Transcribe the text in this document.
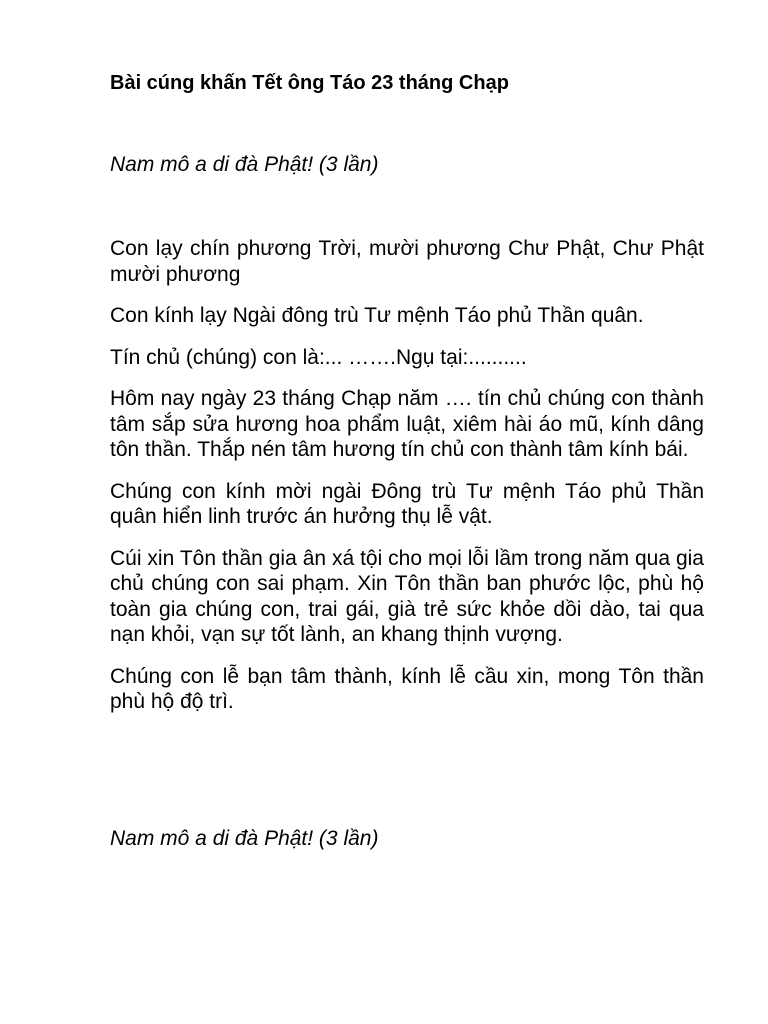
Bài cúng khấn Tết ông Táo 23 tháng Chạp

Nam mô a di đà Phật! (3 lần)

Con lạy chín phương Trời, mười phương Chư Phật, Chư Phật mười phương

Con kính lạy Ngài đông trù Tư mệnh Táo phủ Thần quân.

Tín chủ (chúng) con là:... …….Ngụ tại:..........

Hôm nay ngày 23 tháng Chạp năm …. tín chủ chúng con thành tâm sắp sửa hương hoa phẩm luật, xiêm hài áo mũ, kính dâng tôn thần. Thắp nén tâm hương tín chủ con thành tâm kính bái.

Chúng con kính mời ngài Đông trù Tư mệnh Táo phủ Thần quân hiển linh trước án hưởng thụ lễ vật.

Cúi xin Tôn thần gia ân xá tội cho mọi lỗi lầm trong năm qua gia chủ chúng con sai phạm. Xin Tôn thần ban phước lộc, phù hộ toàn gia chúng con, trai gái, già trẻ sức khỏe dồi dào, tai qua nạn khỏi, vạn sự tốt lành, an khang thịnh vượng.

Chúng con lễ bạn tâm thành, kính lễ cầu xin, mong Tôn thần phù hộ độ trì.

Nam mô a di đà Phật! (3 lần)
